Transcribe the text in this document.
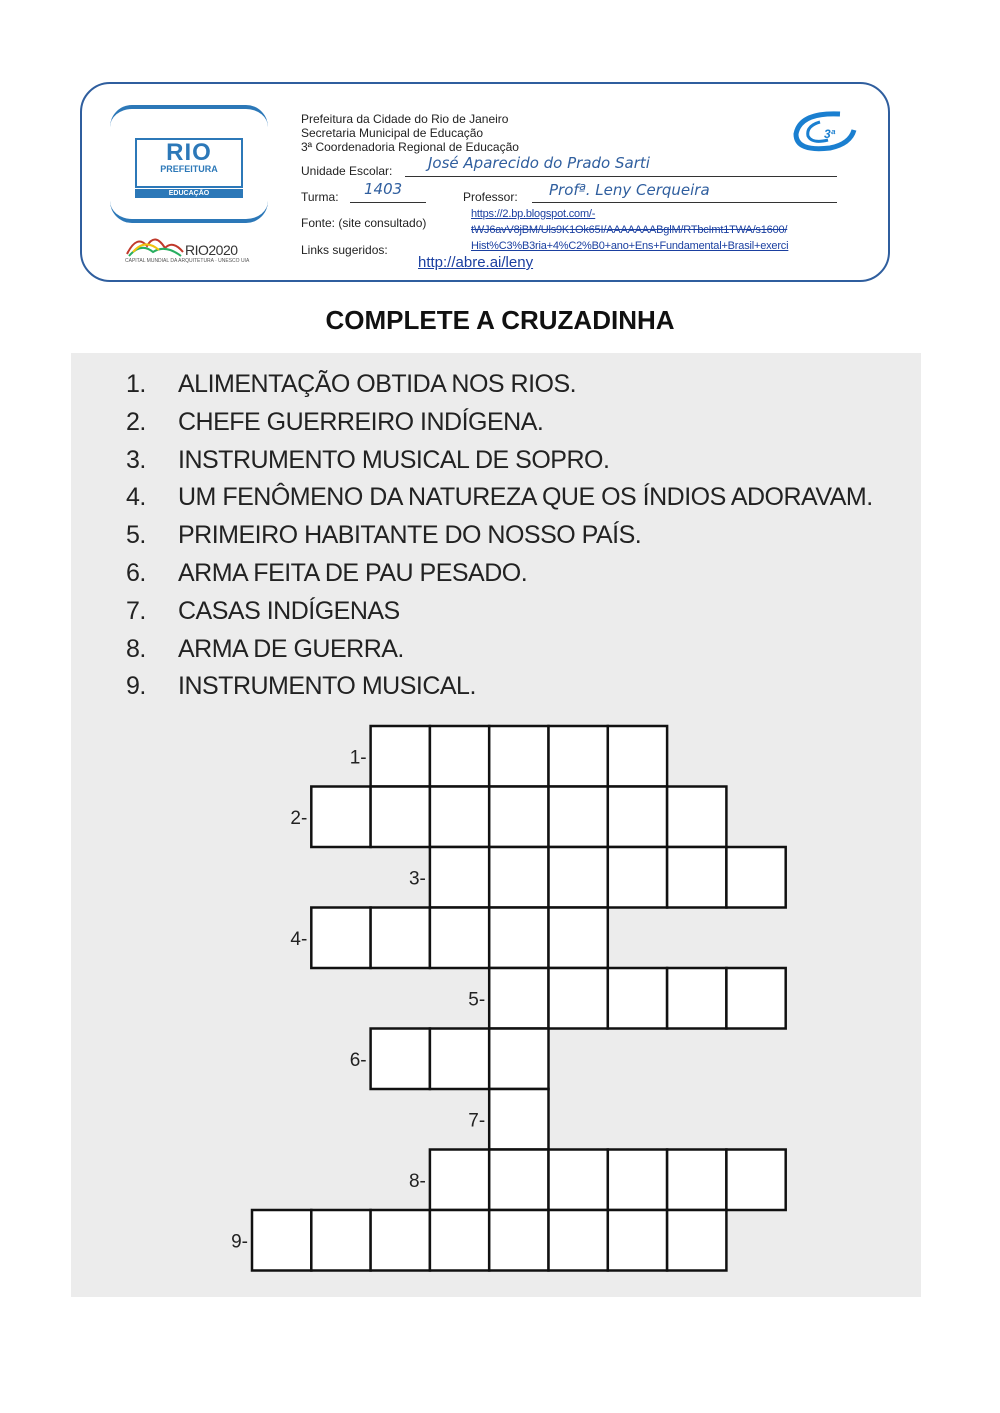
RIO
PREFEITURA
EDUCAÇÃO
RIO2020
CAPITAL MUNDIAL DA ARQUITETURA · UNESCO UIA
Prefeitura da Cidade do Rio de Janeiro
Secretaria Municipal de Educação
3ª Coordenadoria Regional de Educação
Unidade Escolar: José Aparecido do Prado Sarti
Turma: 1403	Professor: Profª. Leny Cerqueira
Fonte: (site consultado)
Links sugeridos:
https://2.bp.blogspot.com/-
tWJ6avV8jBM/Uls9K1Ok65I/AAAAAAABglM/RTbcImt1TWA/s1600/
Hist%C3%B3ria+4%C2%B0+ano+Ens+Fundamental+Brasil+exerci
http://abre.ai/leny
3ª
COMPLETE A CRUZADINHA
1.	ALIMENTAÇÃO OBTIDA NOS RIOS.
2.	CHEFE GUERREIRO INDÍGENA.
3.	INSTRUMENTO MUSICAL DE SOPRO.
4.	UM FENÔMENO DA NATUREZA QUE OS ÍNDIOS ADORAVAM.
5.	PRIMEIRO HABITANTE DO NOSSO PAÍS.
6.	ARMA FEITA DE PAU PESADO.
7.	CASAS INDÍGENAS
8.	ARMA DE GUERRA.
9.	INSTRUMENTO MUSICAL.
1-
2-
3-
4-
5-
6-
7-
8-
9-
